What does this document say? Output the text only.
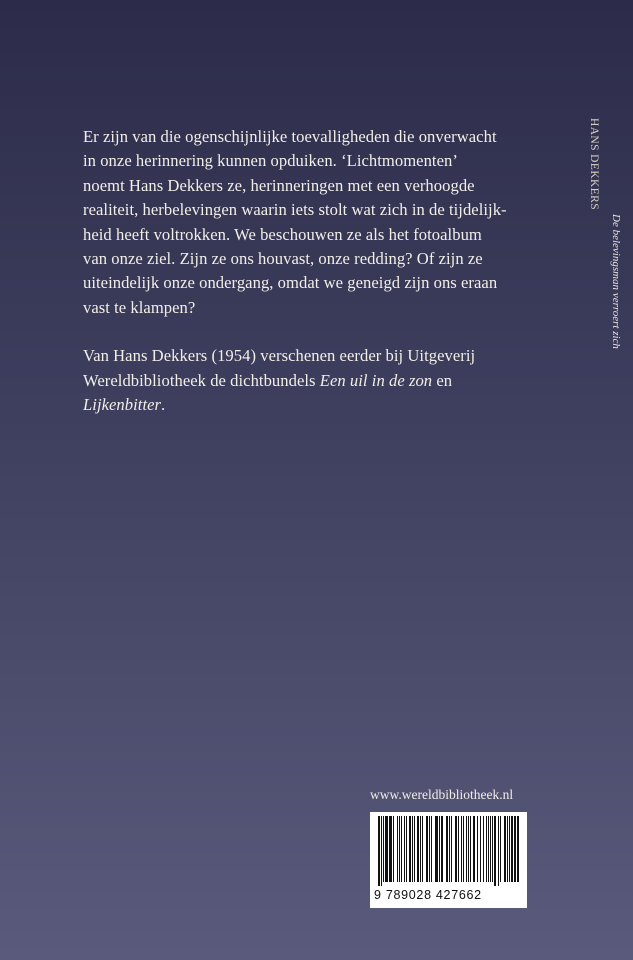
Er zijn van die ogenschijnlijke toevalligheden die onverwacht
in onze herinnering kunnen opduiken. ‘Lichtmomenten’
noemt Hans Dekkers ze, herinneringen met een verhoogde
realiteit, herbelevingen waarin iets stolt wat zich in de tijdelijk-
heid heeft voltrokken. We beschouwen ze als het fotoalbum
van onze ziel. Zijn ze ons houvast, onze redding? Of zijn ze
uiteindelijk onze ondergang, omdat we geneigd zijn ons eraan
vast te klampen?

Van Hans Dekkers (1954) verschenen eerder bij Uitgeverij
Wereldbibliotheek de dichtbundels Een uil in de zon en
Lijkenbitter.

HANS DEKKERS
De belevingsman verroert zich
www.wereldbibliotheek.nl
9 789028 427662
